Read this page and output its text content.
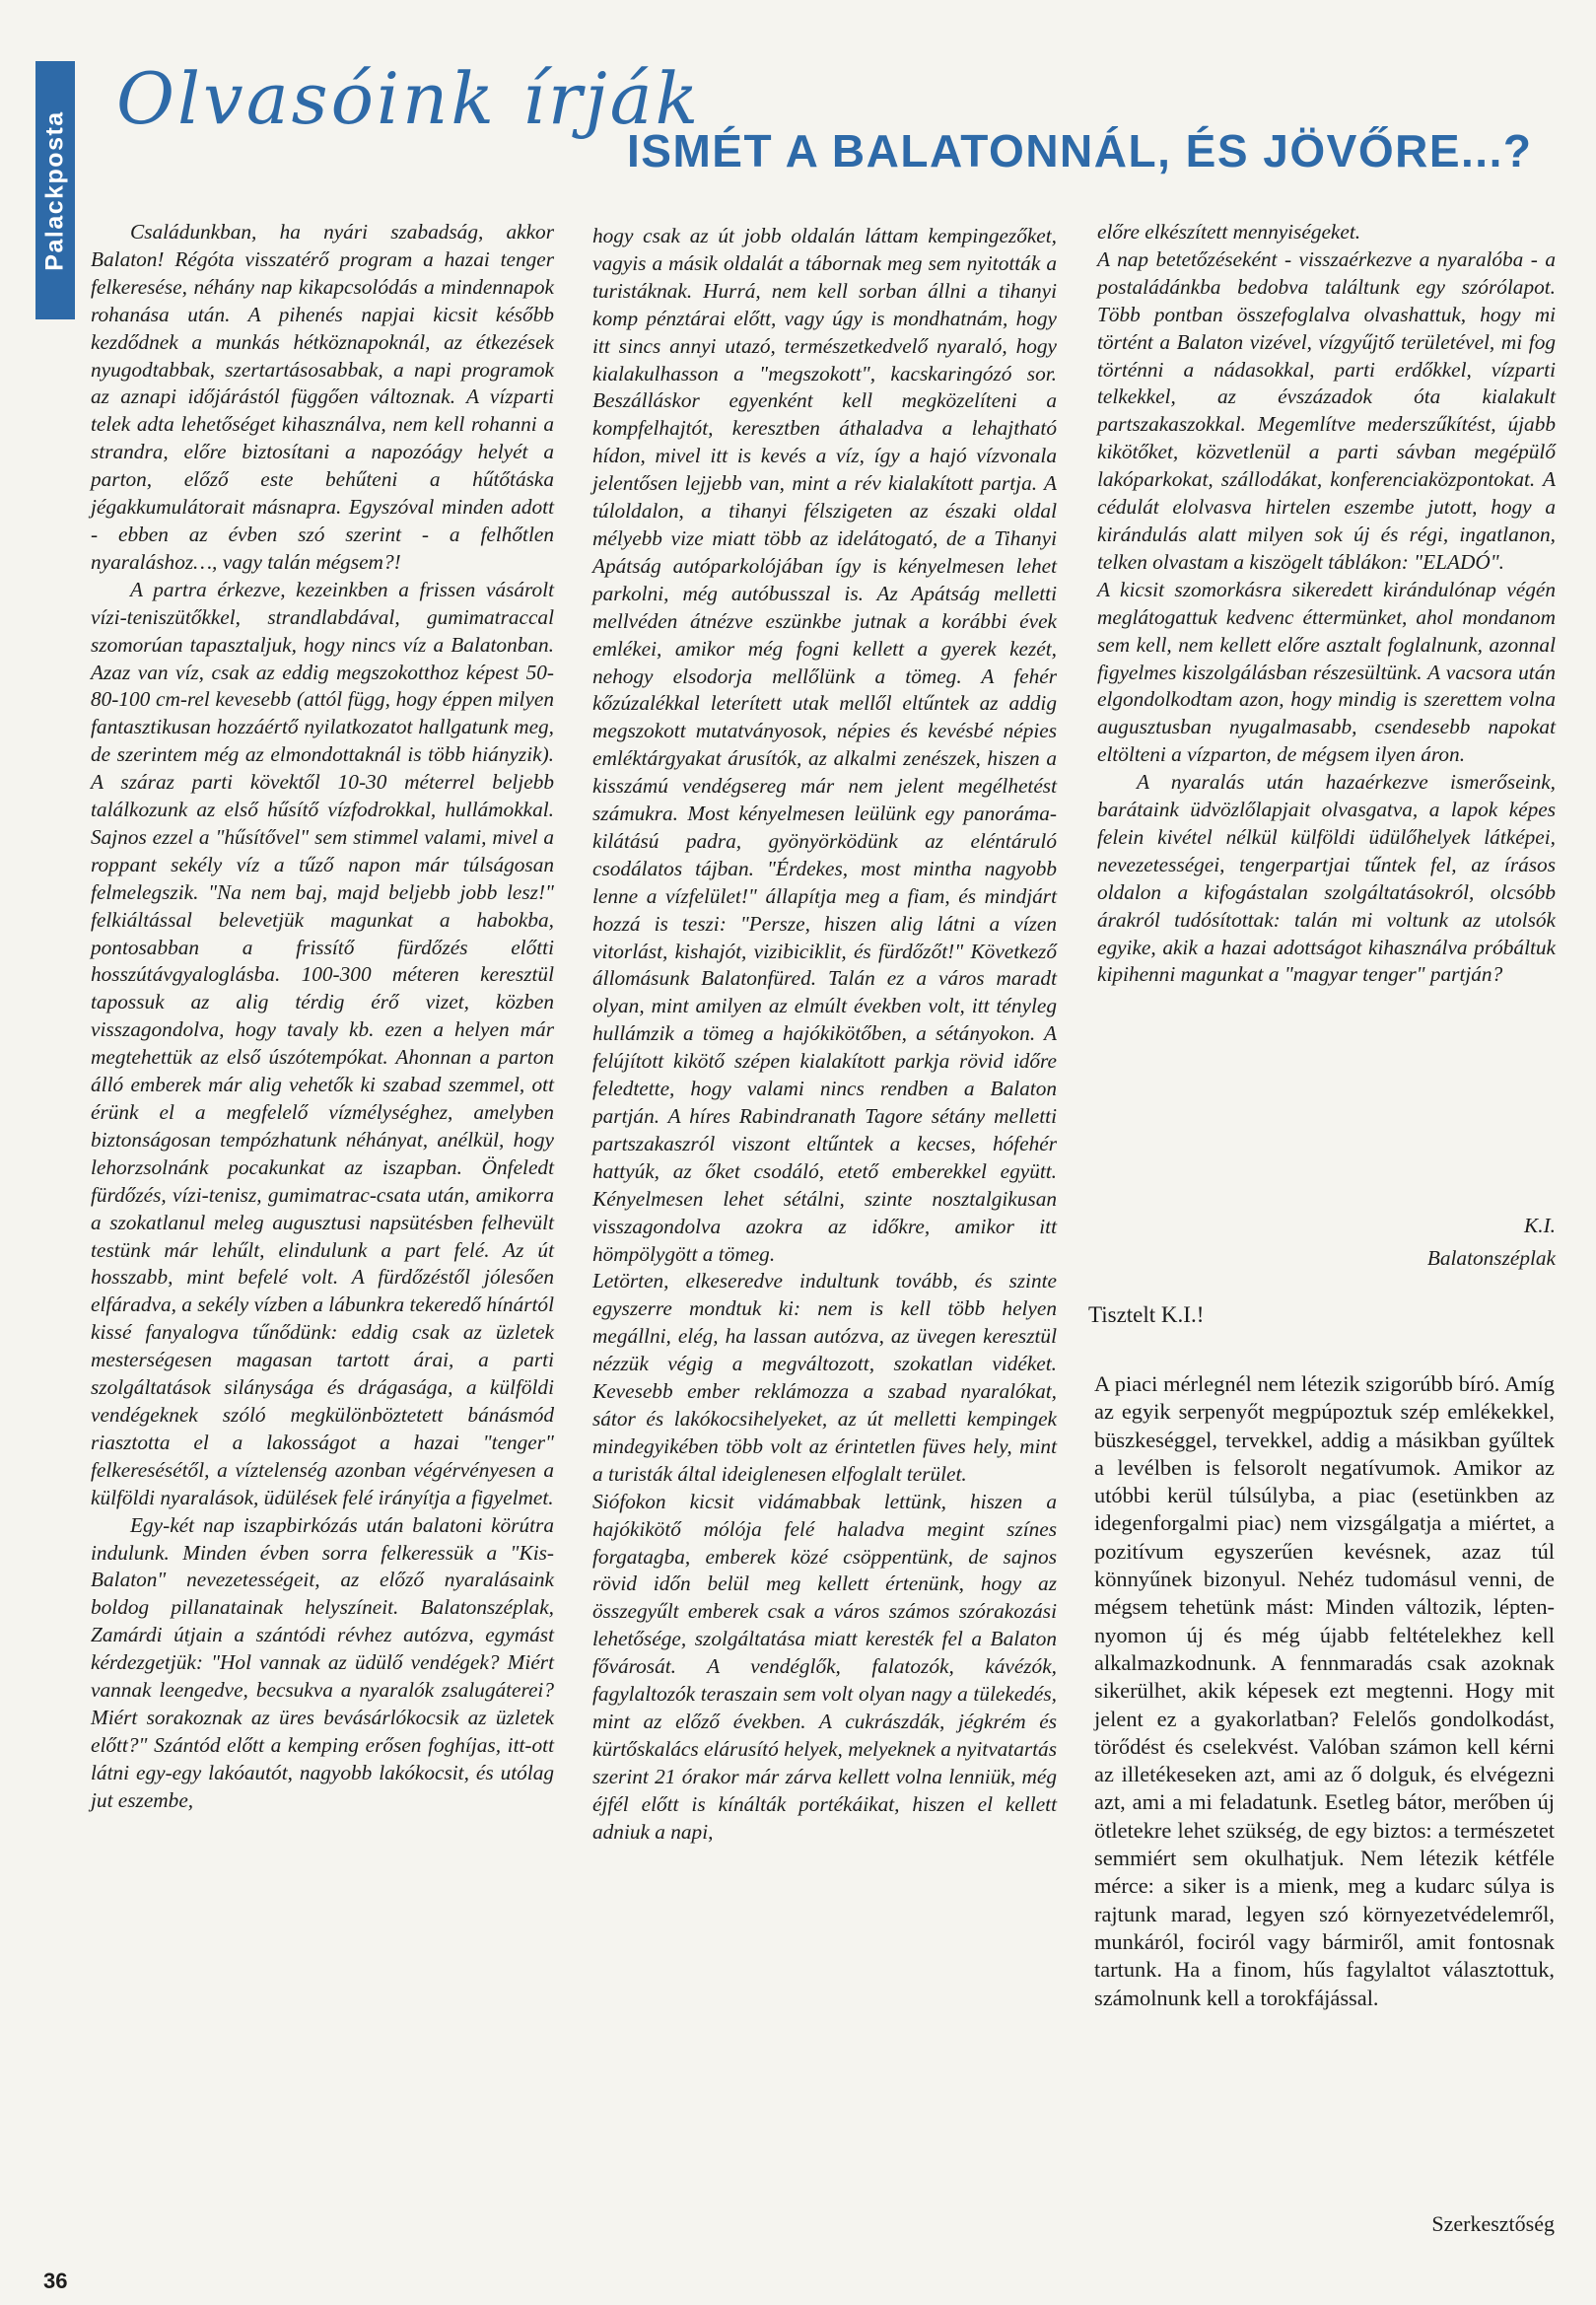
Palackposta
Olvasóink írják
ISMÉT A BALATONNÁL, ÉS JÖVŐRE...?

Családunkban, ha nyári szabadság, akkor Balaton! Régóta visszatérő program a hazai tenger felkeresése, néhány nap kikapcsolódás a mindennapok rohanása után. A pihenés napjai kicsit később kezdődnek a munkás hétköznapoknál, az étkezések nyugodtabbak, szertartásosabbak, a napi programok az aznapi időjárástól függően változnak. A vízparti telek adta lehetőséget kihasználva, nem kell rohanni a strandra, előre biztosítani a napozóágy helyét a parton, előző este behűteni a hűtőtáska jégakkumulátorait másnapra. Egyszóval minden adott - ebben az évben szó szerint - a felhőtlen nyaraláshoz…, vagy talán mégsem?!

A partra érkezve, kezeinkben a frissen vásárolt vízi-teniszütőkkel, strandlabdával, gumimatraccal szomorúan tapasztaljuk, hogy nincs víz a Balatonban. Azaz van víz, csak az eddig megszokotthoz képest 50-80-100 cm-rel kevesebb (attól függ, hogy éppen milyen fantasztikusan hozzáértő nyilatkozatot hallgatunk meg, de szerintem még az elmondottaknál is több hiányzik). A száraz parti kövektől 10-30 méterrel beljebb találkozunk az első hűsítő vízfodrokkal, hullámokkal. Sajnos ezzel a "hűsítővel" sem stimmel valami, mivel a roppant sekély víz a tűző napon már túlságosan felmelegszik. "Na nem baj, majd beljebb jobb lesz!" felkiáltással belevetjük magunkat a habokba, pontosabban a frissítő fürdőzés előtti hosszútávgyaloglásba. 100-300 méteren keresztül tapossuk az alig térdig érő vizet, közben visszagondolva, hogy tavaly kb. ezen a helyen már megtehettük az első úszótempókat. Ahonnan a parton álló emberek már alig vehetők ki szabad szemmel, ott érünk el a megfelelő vízmélységhez, amelyben biztonságosan tempózhatunk néhányat, anélkül, hogy lehorzsolnánk pocakunkat az iszapban. Önfeledt fürdőzés, vízi-tenisz, gumimatrac-csata után, amikorra a szokatlanul meleg augusztusi napsütésben felhevült testünk már lehűlt, elindulunk a part felé. Az út hosszabb, mint befelé volt. A fürdőzéstől jólesően elfáradva, a sekély vízben a lábunkra tekeredő hínártól kissé fanyalogva tűnődünk: eddig csak az üzletek mesterségesen magasan tartott árai, a parti szolgáltatások silánysága és drágasága, a külföldi vendégeknek szóló megkülönböztetett bánásmód riasztotta el a lakosságot a hazai "tenger" felkeresésétől, a víztelenség azonban végérvényesen a külföldi nyaralások, üdülések felé irányítja a figyelmet.

Egy-két nap iszapbirkózás után balatoni körútra indulunk. Minden évben sorra felkeressük a "Kis-Balaton" nevezetességeit, az előző nyaralásaink boldog pillanatainak helyszíneit. Balatonszéplak, Zamárdi útjain a szántódi révhez autózva, egymást kérdezgetjük: "Hol vannak az üdülő vendégek? Miért vannak leengedve, becsukva a nyaralók zsalugáterei? Miért sorakoznak az üres bevásárlókocsik az üzletek előtt?" Szántód előtt a kemping erősen foghíjas, itt-ott látni egy-egy lakóautót, nagyobb lakókocsit, és utólag jut eszembe,

hogy csak az út jobb oldalán láttam kempingezőket, vagyis a másik oldalát a tábornak meg sem nyitották a turistáknak. Hurrá, nem kell sorban állni a tihanyi komp pénztárai előtt, vagy úgy is mondhatnám, hogy itt sincs annyi utazó, természetkedvelő nyaraló, hogy kialakulhasson a "megszokott", kacskaringózó sor. Beszálláskor egyenként kell megközelíteni a kompfelhajtót, keresztben áthaladva a lehajtható hídon, mivel itt is kevés a víz, így a hajó vízvonala jelentősen lejjebb van, mint a rév kialakított partja. A túloldalon, a tihanyi félszigeten az északi oldal mélyebb vize miatt több az idelátogató, de a Tihanyi Apátság autóparkolójában így is kényelmesen lehet parkolni, még autóbusszal is. Az Apátság melletti mellvéden átnézve eszünkbe jutnak a korábbi évek emlékei, amikor még fogni kellett a gyerek kezét, nehogy elsodorja mellőlünk a tömeg. A fehér kőzúzalékkal leterített utak mellől eltűntek az addig megszokott mutatványosok, népies és kevésbé népies emléktárgyakat árusítók, az alkalmi zenészek, hiszen a kisszámú vendégsereg már nem jelent megélhetést számukra. Most kényelmesen leülünk egy panoráma-kilátású padra, gyönyörködünk az eléntáruló csodálatos tájban. "Érdekes, most mintha nagyobb lenne a vízfelület!" állapítja meg a fiam, és mindjárt hozzá is teszi: "Persze, hiszen alig látni a vízen vitorlást, kishajót, vizibiciklit, és fürdőzőt!" Következő állomásunk Balatonfüred. Talán ez a város maradt olyan, mint amilyen az elmúlt években volt, itt tényleg hullámzik a tömeg a hajókikötőben, a sétányokon. A felújított kikötő szépen kialakított parkja rövid időre feledtette, hogy valami nincs rendben a Balaton partján. A híres Rabindranath Tagore sétány melletti partszakaszról viszont eltűntek a kecses, hófehér hattyúk, az őket csodáló, etető emberekkel együtt. Kényelmesen lehet sétálni, szinte nosztalgikusan visszagondolva azokra az időkre, amikor itt hömpölygött a tömeg.

Letörten, elkeseredve indultunk tovább, és szinte egyszerre mondtuk ki: nem is kell több helyen megállni, elég, ha lassan autózva, az üvegen keresztül nézzük végig a megváltozott, szokatlan vidéket. Kevesebb ember reklámozza a szabad nyaralókat, sátor és lakókocsihelyeket, az út melletti kempingek mindegyikében több volt az érintetlen füves hely, mint a turisták által ideiglenesen elfoglalt terület.

Siófokon kicsit vidámabbak lettünk, hiszen a hajókikötő mólója felé haladva megint színes forgatagba, emberek közé csöppentünk, de sajnos rövid időn belül meg kellett értenünk, hogy az összegyűlt emberek csak a város számos szórakozási lehetősége, szolgáltatása miatt keresték fel a Balaton fővárosát. A vendéglők, falatozók, kávézók, fagylaltozók teraszain sem volt olyan nagy a tülekedés, mint az előző években. A cukrászdák, jégkrém és kürtőskalács elárusító helyek, melyeknek a nyitvatartás szerint 21 órakor már zárva kellett volna lenniük, még éjfél előtt is kínálták portékáikat, hiszen el kellett adniuk a napi,

előre elkészített mennyiségeket.

A nap betetőzéseként - visszaérkezve a nyaralóba - a postaládánkba bedobva találtunk egy szórólapot. Több pontban összefoglalva olvashattuk, hogy mi történt a Balaton vizével, vízgyűjtő területével, mi fog történni a nádasokkal, parti erdőkkel, vízparti telkekkel, az évszázadok óta kialakult partszakaszokkal. Megemlítve mederszűkítést, újabb kikötőket, közvetlenül a parti sávban megépülő lakóparkokat, szállodákat, konferenciaközpontokat. A cédulát elolvasva hirtelen eszembe jutott, hogy a kirándulás alatt milyen sok új és régi, ingatlanon, telken olvastam a kiszögelt táblákon: "ELADÓ".

A kicsit szomorkásra sikeredett kirándulónap végén meglátogattuk kedvenc éttermünket, ahol mondanom sem kell, nem kellett előre asztalt foglalnunk, azonnal figyelmes kiszolgálásban részesültünk. A vacsora után elgondolkodtam azon, hogy mindig is szerettem volna augusztusban nyugalmasabb, csendesebb napokat eltölteni a vízparton, de mégsem ilyen áron.

A nyaralás után hazaérkezve ismerőseink, barátaink üdvözlőlapjait olvasgatva, a lapok képes felein kivétel nélkül külföldi üdülőhelyek látképei, nevezetességei, tengerpartjai tűntek fel, az írásos oldalon a kifogástalan szolgáltatásokról, olcsóbb árakról tudósítottak: talán mi voltunk az utolsók egyike, akik a hazai adottságot kihasználva próbáltuk kipihenni magunkat a "magyar tenger" partján?

K.I.
Balatonszéplak
Tisztelt K.I.!

A piaci mérlegnél nem létezik szigorúbb bíró. Amíg az egyik serpenyőt megpúpoztuk szép emlékekkel, büszkeséggel, tervekkel, addig a másikban gyűltek a levélben is felsorolt negatívumok. Amikor az utóbbi kerül túlsúlyba, a piac (esetünkben az idegenforgalmi piac) nem vizsgálgatja a miértet, a pozitívum egyszerűen kevésnek, azaz túl könnyűnek bizonyul. Nehéz tudomásul venni, de mégsem tehetünk mást: Minden változik, lépten-nyomon új és még újabb feltételekhez kell alkalmazkodnunk. A fennmaradás csak azoknak sikerülhet, akik képesek ezt megtenni. Hogy mit jelent ez a gyakorlatban? Felelős gondolkodást, törődést és cselekvést. Valóban számon kell kérni az illetékeseken azt, ami az ő dolguk, és elvégezni azt, ami a mi feladatunk. Esetleg bátor, merőben új ötletekre lehet szükség, de egy biztos: a természetet semmiért sem okulhatjuk. Nem létezik kétféle mérce: a siker is a mienk, meg a kudarc súlya is rajtunk marad, legyen szó környezetvédelemről, munkáról, fociról vagy bármiről, amit fontosnak tartunk. Ha a finom, hűs fagylaltot választottuk, számolnunk kell a torokfájással.

Szerkesztőség
36
